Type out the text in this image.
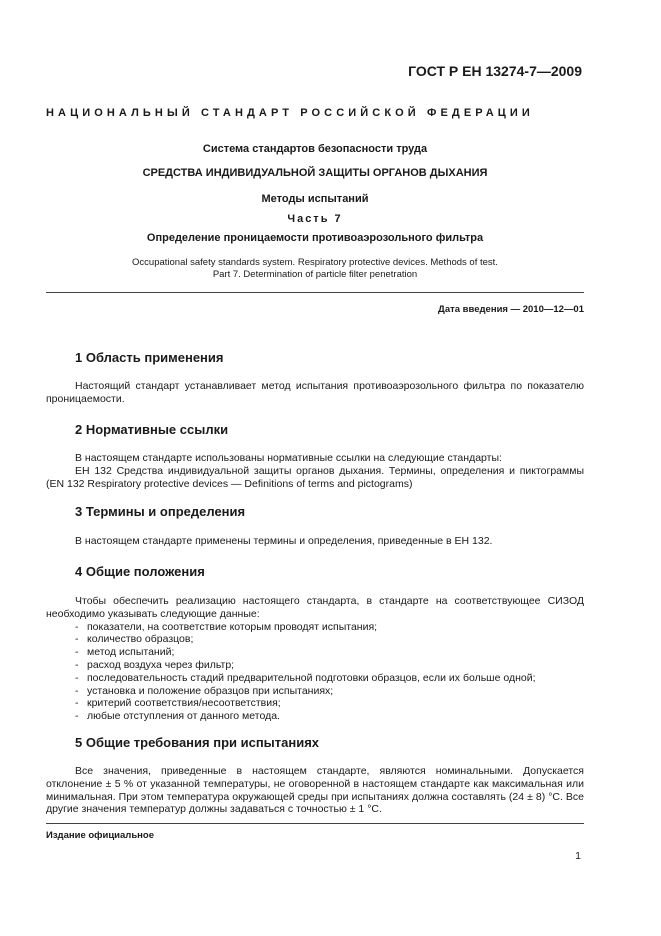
ГОСТ Р ЕН 13274-7—2009

НАЦИОНАЛЬНЫЙ СТАНДАРТ РОССИЙСКОЙ ФЕДЕРАЦИИ

Система стандартов безопасности труда

СРЕДСТВА ИНДИВИДУАЛЬНОЙ ЗАЩИТЫ ОРГАНОВ ДЫХАНИЯ

Методы испытаний

Часть 7

Определение проницаемости противоаэрозольного фильтра

Occupational safety standards system. Respiratory protective devices. Methods of test.

Part 7. Determination of particle filter penetration

Дата введения — 2010—12—01

1 Область применения

Настоящий стандарт устанавливает метод испытания противоаэрозольного фильтра по показателю проницаемости.

2 Нормативные ссылки

В настоящем стандарте использованы нормативные ссылки на следующие стандарты:

ЕН 132 Средства индивидуальной защиты органов дыхания. Термины, определения и пиктограммы (EN 132 Respiratory protective devices — Definitions of terms and pictograms)

3 Термины и определения

В настоящем стандарте применены термины и определения, приведенные в ЕН 132.

4 Общие положения

Чтобы обеспечить реализацию настоящего стандарта, в стандарте на соответствующее СИЗОД необходимо указывать следующие данные:

- показатели, на соответствие которым проводят испытания;
- количество образцов;
- метод испытаний;
- расход воздуха через фильтр;
- последовательность стадий предварительной подготовки образцов, если их больше одной;
- установка и положение образцов при испытаниях;
- критерий соответствия/несоответствия;
- любые отступления от данного метода.
5 Общие требования при испытаниях

Все значения, приведенные в настоящем стандарте, являются номинальными. Допускается отклонение ± 5 % от указанной температуры, не оговоренной в настоящем стандарте как максимальная или минимальная. При этом температура окружающей среды при испытаниях должна составлять (24 ± 8) °С. Все другие значения температур должны задаваться с точностью ± 1 °С.

Издание официальное

1
